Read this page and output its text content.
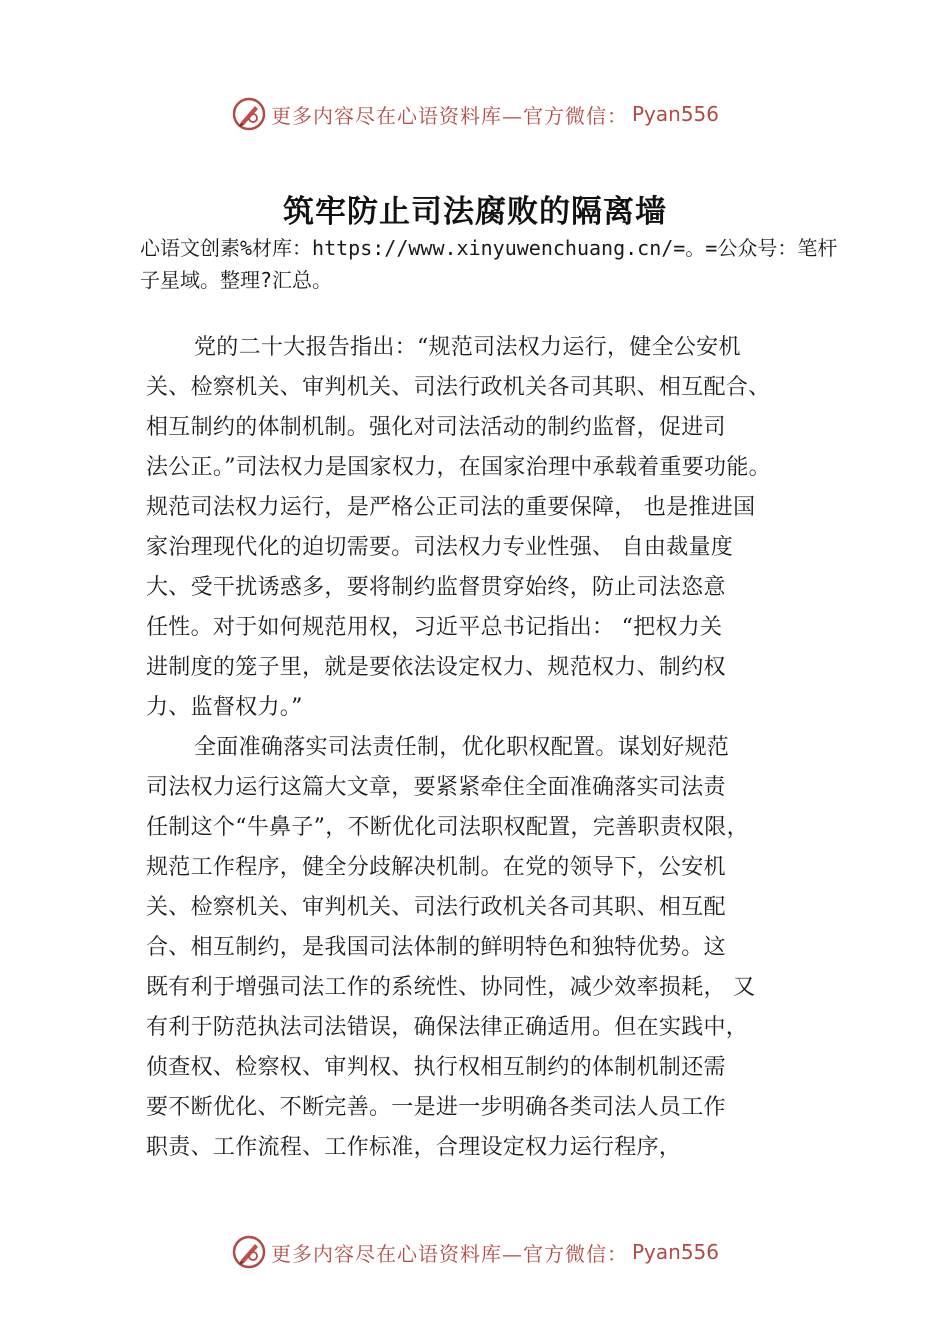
更多内容尽在心语资料库—官方微信： Pyan556
筑牢防止司法腐败的隔离墙
心语文创素%材库：https://www.xinyuwenchuang.cn/=。=公众号：笔杆子星域。整理?汇总。
党的二十大报告指出：“规范司法权力运行，健全公安机
关、检察机关、审判机关、司法行政机关各司其职、相互配合、
相互制约的体制机制。强化对司法活动的制约监督，促进司
法公正。”司法权力是国家权力，在国家治理中承载着重要功能。
规范司法权力运行，是严格公正司法的重要保障， 也是推进国
家治理现代化的迫切需要。司法权力专业性强、 自由裁量度
大、受干扰诱惑多，要将制约监督贯穿始终，防止司法恣意
任性。对于如何规范用权，习近平总书记指出： “把权力关
进制度的笼子里，就是要依法设定权力、规范权力、制约权
力、监督权力。”
全面准确落实司法责任制，优化职权配置。谋划好规范
司法权力运行这篇大文章，要紧紧牵住全面准确落实司法责
任制这个“牛鼻子”，不断优化司法职权配置，完善职责权限，
规范工作程序，健全分歧解决机制。在党的领导下，公安机
关、检察机关、审判机关、司法行政机关各司其职、相互配
合、相互制约，是我国司法体制的鲜明特色和独特优势。这
既有利于增强司法工作的系统性、协同性，减少效率损耗， 又
有利于防范执法司法错误，确保法律正确适用。但在实践中，
侦查权、检察权、审判权、执行权相互制约的体制机制还需
要不断优化、不断完善。一是进一步明确各类司法人员工作
职责、工作流程、工作标准，合理设定权力运行程序，
更多内容尽在心语资料库—官方微信： Pyan556
